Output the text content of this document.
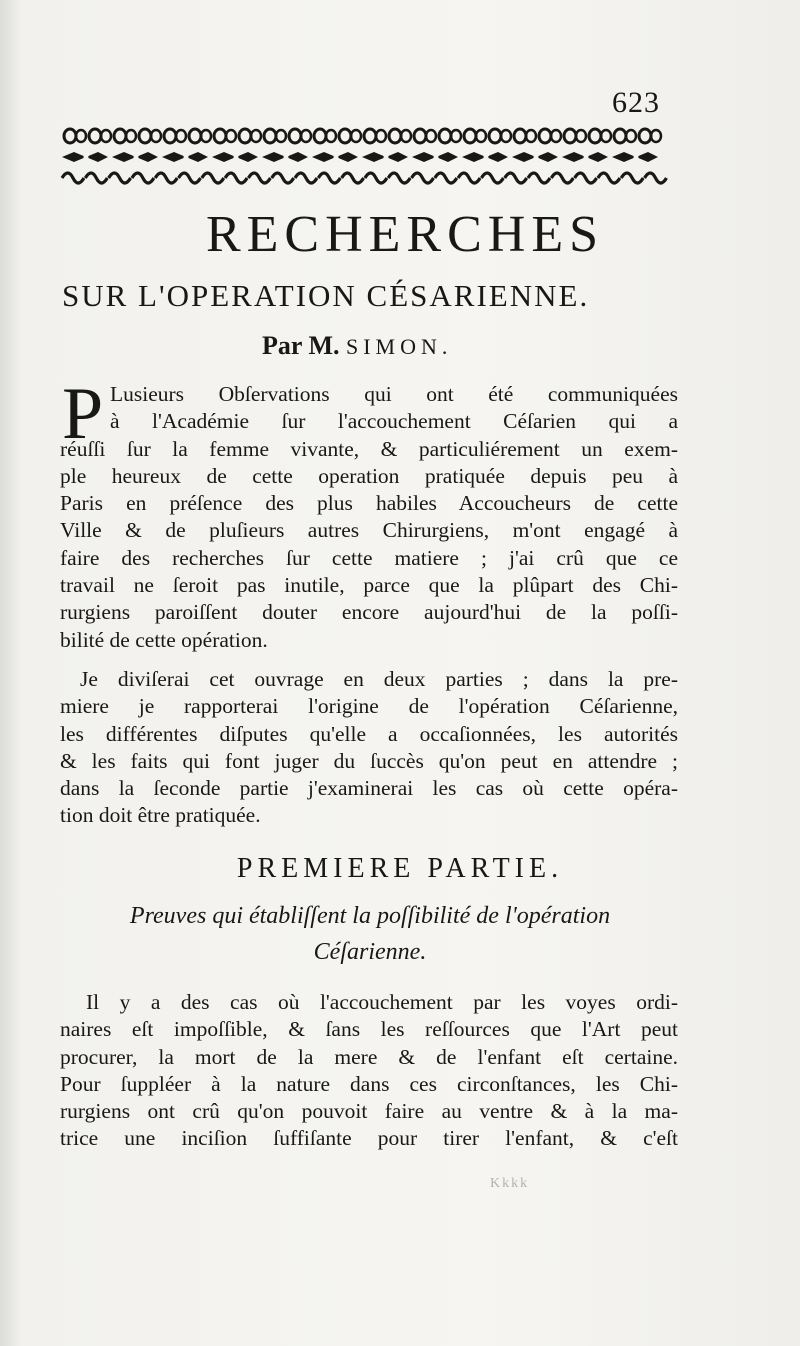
623
RECHERCHES
SUR L'OPERATION CÉSARIENNE.
Par M. SIMON.
P Lusieurs Obſervations qui ont été communiquées
à l'Académie ſur l'accouchement Céſarien qui a
réuſſi ſur la femme vivante, & particuliérement un exem-
ple heureux de cette operation pratiquée depuis peu à
Paris en préſence des plus habiles Accoucheurs de cette
Ville & de pluſieurs autres Chirurgiens, m'ont engagé à
faire des recherches ſur cette matiere ; j'ai crû que ce
travail ne ſeroit pas inutile, parce que la plûpart des Chi-
rurgiens paroiſſent douter encore aujourd'hui de la poſſi-
bilité de cette opération.
Je diviſerai cet ouvrage en deux parties ; dans la pre-
miere je rapporterai l'origine de l'opération Céſarienne,
les différentes diſputes qu'elle a occaſionnées, les autorités
& les faits qui font juger du ſuccès qu'on peut en attendre ;
dans la ſeconde partie j'examinerai les cas où cette opéra-
tion doit être pratiquée.
PREMIERE PARTIE.
Preuves qui établiſſent la poſſibilité de l'opération
Céſarienne.
Il y a des cas où l'accouchement par les voyes ordi-
naires eſt impoſſible, & ſans les reſſources que l'Art peut
procurer, la mort de la mere & de l'enfant eſt certaine.
Pour ſuppléer à la nature dans ces circonſtances, les Chi-
rurgiens ont crû qu'on pouvoit faire au ventre & à la ma-
trice une inciſion ſuffiſante pour tirer l'enfant, & c'eſt
Kkkk
